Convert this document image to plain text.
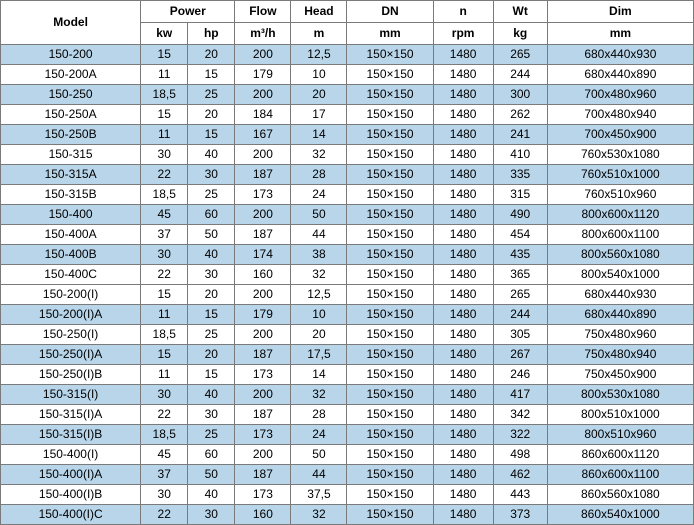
Model	Power		Flow	Head	DN	n	Wt	Dim
	kw	hp	m³/h	m	mm	rpm	kg	mm
150-200	15	20	200	12,5	150×150	1480	265	680x440x930
150-200A	11	15	179	10	150×150	1480	244	680x440x890
150-250	18,5	25	200	20	150×150	1480	300	700x480x960
150-250A	15	20	184	17	150×150	1480	262	700x480x940
150-250B	11	15	167	14	150×150	1480	241	700x450x900
150-315	30	40	200	32	150×150	1480	410	760x530x1080
150-315A	22	30	187	28	150×150	1480	335	760x510x1000
150-315B	18,5	25	173	24	150×150	1480	315	760x510x960
150-400	45	60	200	50	150×150	1480	490	800x600x1120
150-400A	37	50	187	44	150×150	1480	454	800x600x1100
150-400B	30	40	174	38	150×150	1480	435	800x560x1080
150-400C	22	30	160	32	150×150	1480	365	800x540x1000
150-200(I)	15	20	200	12,5	150×150	1480	265	680x440x930
150-200(I)A	11	15	179	10	150×150	1480	244	680x440x890
150-250(I)	18,5	25	200	20	150×150	1480	305	750x480x960
150-250(I)A	15	20	187	17,5	150×150	1480	267	750x480x940
150-250(I)B	11	15	173	14	150×150	1480	246	750x450x900
150-315(I)	30	40	200	32	150×150	1480	417	800x530x1080
150-315(I)A	22	30	187	28	150×150	1480	342	800x510x1000
150-315(I)B	18,5	25	173	24	150×150	1480	322	800x510x960
150-400(I)	45	60	200	50	150×150	1480	498	860x600x1120
150-400(I)A	37	50	187	44	150×150	1480	462	860x600x1100
150-400(I)B	30	40	173	37,5	150×150	1480	443	860x560x1080
150-400(I)C	22	30	160	32	150×150	1480	373	860x540x1000
